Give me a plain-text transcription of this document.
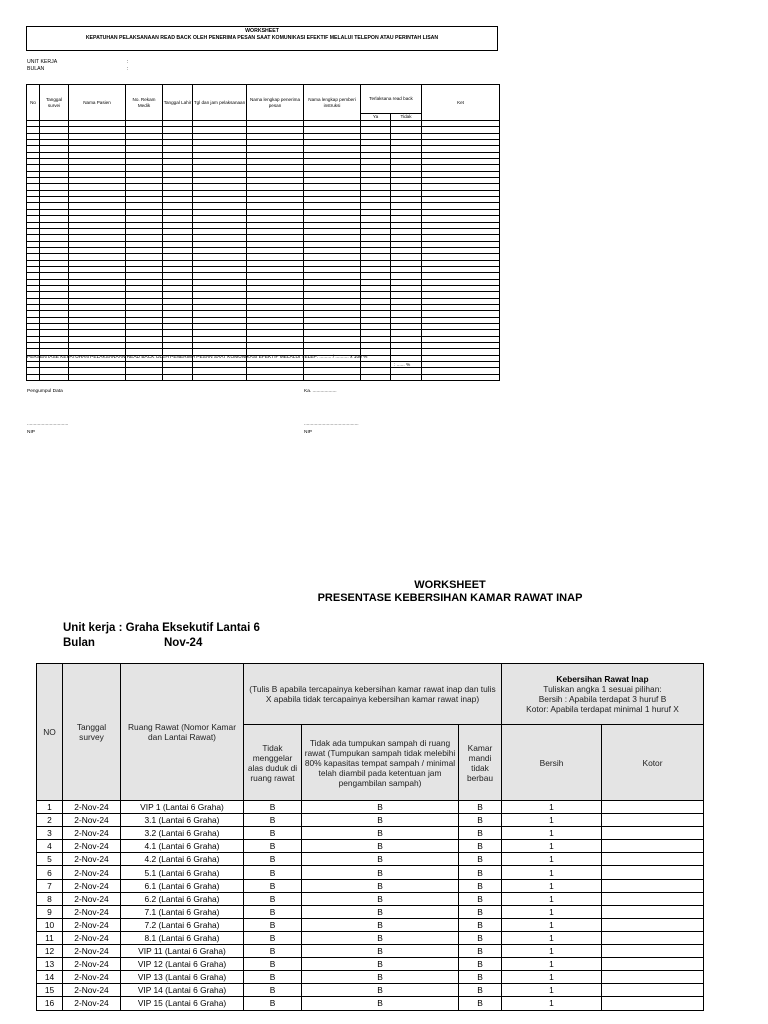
WORKSHEET
KEPATUHAN PELAKSANAAN READ BACK OLEH PENERIMA PESAN SAAT KOMUNIKASI EFEKTIF MELALUI TELEPON ATAU PERINTAH LISAN
UNIT KERJA	:
BULAN	:
No	Tanggal survei	Nama Pasien	No. Rekam Medik	Tanggal Lahir	Tgl dan jam pelaksanaan	Nama lengkap penerima pesan	Nama lengkap pemberi instruksi	Terlaksana read back		Ket
								Ya	Tidak	

PERSENTASE KEPATUHAN PELAKSANAAN READ BACK OLEH PENERIMA PESAN SAAT KOMUNIKASI EFEKTIF MELALUI TELEP: ......... / .......... x 100 %
: ...... %
Pengumpul Data	Ka. ..................
...............................	.........................................
NIP	NIP
WORKSHEET
PRESENTASE KEBERSIHAN KAMAR RAWAT INAP
Unit kerja : Graha Eksekutif Lantai 6
Bulan	Nov-24
NO	Tanggal survey	Ruang Rawat (Nomor Kamar dan Lantai Rawat)	(Tulis B apabila tercapainya kebersihan kamar rawat inap dan tulis X apabila tidak tercapainya kebersihan kamar rawat inap)			Kebersihan Rawat Inap
Tuliskan angka 1 sesuai pilihan:
Bersih : Apabila terdapat 3 huruf B
Kotor: Apabila terdapat minimal 1 huruf X	

			Tidak menggelar alas duduk di ruang rawat	Tidak ada tumpukan sampah di ruang rawat (Tumpukan sampah tidak melebihi 80% kapasitas tempat sampah / minimal telah diambil pada ketentuan jam pengambilan sampah)	Kamar mandi tidak berbau	Bersih	Kotor
1	2-Nov-24	VIP 1 (Lantai 6 Graha)	B	B	B	1	
2	2-Nov-24	3.1 (Lantai 6 Graha)	B	B	B	1	
3	2-Nov-24	3.2 (Lantai 6 Graha)	B	B	B	1	
4	2-Nov-24	4.1 (Lantai 6 Graha)	B	B	B	1	
5	2-Nov-24	4.2 (Lantai 6 Graha)	B	B	B	1	
6	2-Nov-24	5.1 (Lantai 6 Graha)	B	B	B	1	
7	2-Nov-24	6.1 (Lantai 6 Graha)	B	B	B	1	
8	2-Nov-24	6.2 (Lantai 6 Graha)	B	B	B	1	
9	2-Nov-24	7.1 (Lantai 6 Graha)	B	B	B	1	
10	2-Nov-24	7.2 (Lantai 6 Graha)	B	B	B	1	
11	2-Nov-24	8.1 (Lantai 6 Graha)	B	B	B	1	
12	2-Nov-24	VIP 11 (Lantai 6 Graha)	B	B	B	1	
13	2-Nov-24	VIP 12 (Lantai 6 Graha)	B	B	B	1	
14	2-Nov-24	VIP 13 (Lantai 6 Graha)	B	B	B	1	
15	2-Nov-24	VIP 14 (Lantai 6 Graha)	B	B	B	1	
16	2-Nov-24	VIP 15 (Lantai 6 Graha)	B	B	B	1	
